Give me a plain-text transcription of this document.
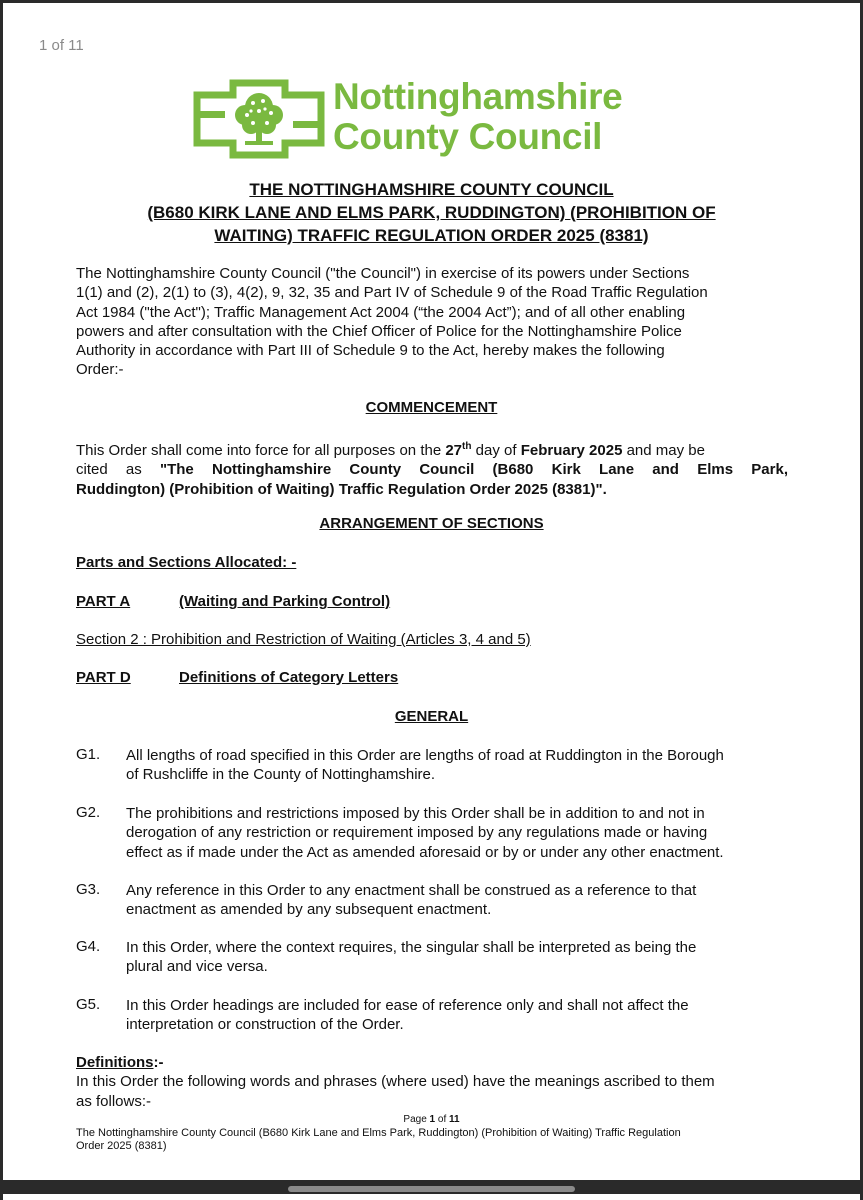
1 of 11
Nottinghamshire
County Council
THE NOTTINGHAMSHIRE COUNTY COUNCIL
(B680 KIRK LANE AND ELMS PARK, RUDDINGTON) (PROHIBITION OF
WAITING) TRAFFIC REGULATION ORDER 2025 (8381)
The Nottinghamshire County Council ("the Council") in exercise of its powers under Sections
1(1) and (2), 2(1) to (3), 4(2), 9, 32, 35 and Part IV of Schedule 9 of the Road Traffic Regulation
Act 1984 ("the Act"); Traffic Management Act 2004 (“the 2004 Act”); and of all other enabling
powers and after consultation with the Chief Officer of Police for the Nottinghamshire Police
Authority in accordance with Part III of Schedule 9 to the Act, hereby makes the following
Order:-
COMMENCEMENT
This Order shall come into force for all purposes on the 27th day of February 2025 and may be
cited as "The Nottinghamshire County Council (B680 Kirk Lane and Elms Park,
Ruddington) (Prohibition of Waiting) Traffic Regulation Order 2025 (8381)".
ARRANGEMENT OF SECTIONS
Parts and Sections Allocated: -
PART A	(Waiting and Parking Control)
Section 2 : Prohibition and Restriction of Waiting (Articles 3, 4 and 5)
PART D	Definitions of Category Letters
GENERAL
G1. All lengths of road specified in this Order are lengths of road at Ruddington in the Borough
of Rushcliffe in the County of Nottinghamshire.
G2. The prohibitions and restrictions imposed by this Order shall be in addition to and not in
derogation of any restriction or requirement imposed by any regulations made or having
effect as if made under the Act as amended aforesaid or by or under any other enactment.
G3. Any reference in this Order to any enactment shall be construed as a reference to that
enactment as amended by any subsequent enactment.
G4. In this Order, where the context requires, the singular shall be interpreted as being the
plural and vice versa.
G5. In this Order headings are included for ease of reference only and shall not affect the
interpretation or construction of the Order.
Definitions:-
In this Order the following words and phrases (where used) have the meanings ascribed to them
as follows:-
Page 1 of 11
The Nottinghamshire County Council (B680 Kirk Lane and Elms Park, Ruddington) (Prohibition of Waiting) Traffic Regulation
Order 2025 (8381)
